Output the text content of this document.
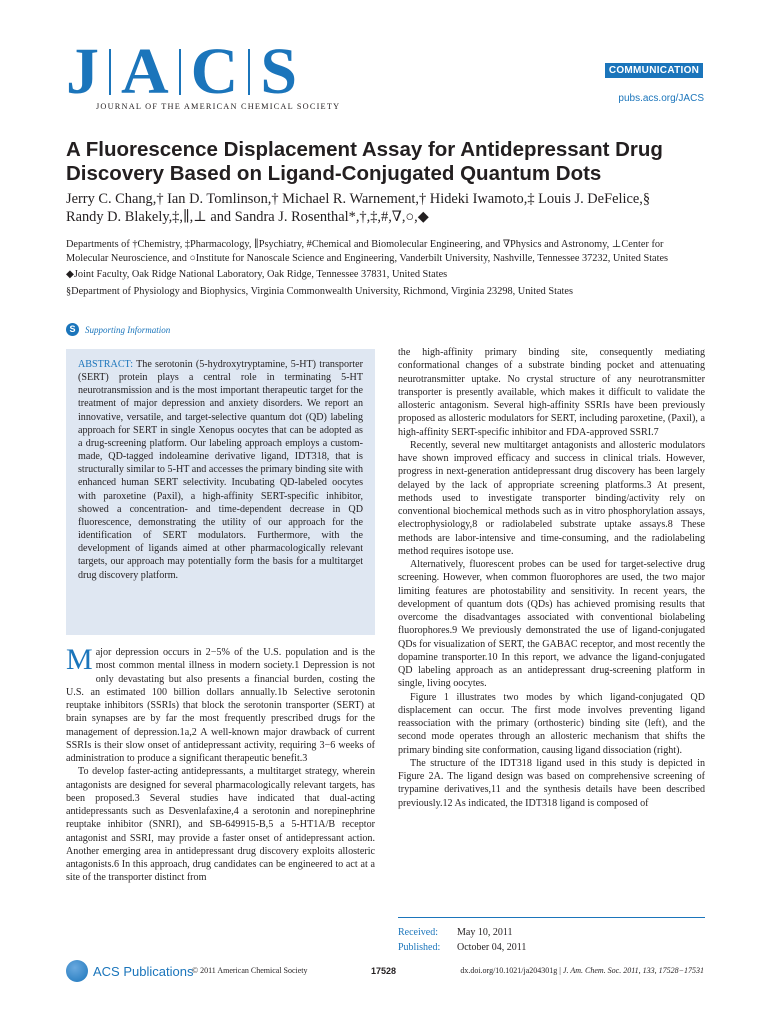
J A C S
JOURNAL OF THE AMERICAN CHEMICAL SOCIETY
COMMUNICATION
pubs.acs.org/JACS
A Fluorescence Displacement Assay for Antidepressant Drug Discovery Based on Ligand-Conjugated Quantum Dots
Jerry C. Chang,† Ian D. Tomlinson,† Michael R. Warnement,† Hideki Iwamoto,‡ Louis J. DeFelice,§
Randy D. Blakely,‡,∥,⊥ and Sandra J. Rosenthal*,†,‡,#,∇,○,◆

Departments of †Chemistry, ‡Pharmacology, ∥Psychiatry, #Chemical and Biomolecular Engineering, and ∇Physics and Astronomy, ⊥Center for Molecular Neuroscience, and ○Institute for Nanoscale Science and Engineering, Vanderbilt University, Nashville, Tennessee 37232, United States

◆Joint Faculty, Oak Ridge National Laboratory, Oak Ridge, Tennessee 37831, United States

§Department of Physiology and Biophysics, Virginia Commonwealth University, Richmond, Virginia 23298, United States

S	Supporting Information

ABSTRACT: The serotonin (5-hydroxytryptamine, 5-HT) transporter (SERT) protein plays a central role in terminating 5-HT neurotransmission and is the most important therapeutic target for the treatment of major depression and anxiety disorders. We report an innovative, versatile, and target-selective quantum dot (QD) labeling approach for SERT in single Xenopus oocytes that can be adopted as a drug-screening platform. Our labeling approach employs a custom-made, QD-tagged indoleamine derivative ligand, IDT318, that is structurally similar to 5-HT and accesses the primary binding site with enhanced human SERT selectivity. Incubating QD-labeled oocytes with paroxetine (Paxil), a high-affinity SERT-specific inhibitor, showed a concentration- and time-dependent decrease in QD fluorescence, demonstrating the utility of our approach for the identification of SERT modulators. Furthermore, with the development of ligands aimed at other pharmacologically relevant targets, our approach may potentially form the basis for a multitarget drug discovery platform.

Major depression occurs in 2−5% of the U.S. population and is the most common mental illness in modern society.1 Depression is not only devastating but also presents a financial burden, costing the U.S. an estimated 100 billion dollars annually.1b Selective serotonin reuptake inhibitors (SSRIs) that block the serotonin transporter (SERT) at brain synapses are by far the most frequently prescribed drugs for the management of depression.1a,2 A well-known major drawback of current SSRIs is their slow onset of antidepressant activity, requiring 3−6 weeks of administration to produce a significant therapeutic benefit.3

To develop faster-acting antidepressants, a multitarget strategy, wherein antagonists are designed for several pharmacologically relevant targets, has been proposed.3 Several studies have indicated that dual-acting antidepressants such as Desvenlafaxine,4 a serotonin and norepinephrine reuptake inhibitor (SNRI), and SB-649915-B,5 a 5-HT1A/B receptor antagonist and SSRI, may provide a faster onset of antidepressant action. Another emerging area in antidepressant drug discovery exploits allosteric antagonists.6 In this approach, drug candidates can be engineered to act at a site of the transporter distinct from

the high-affinity primary binding site, consequently mediating conformational changes of a substrate binding pocket and attenuating neurotransmitter uptake. No crystal structure of any neurotransmitter transporter is presently available, which makes it difficult to validate the allosteric antagonism. Several high-affinity SSRIs have been previously proposed as allosteric modulators for SERT, including paroxetine, (Paxil), a high-affinity SERT-specific inhibitor and FDA-approved SSRI.7

Recently, several new multitarget antagonists and allosteric modulators have shown improved efficacy and success in clinical trials. However, progress in next-generation antidepressant drug discovery has been largely delayed by the lack of appropriate screening platforms.3 At present, methods used to investigate transporter binding/activity rely on conventional biochemical methods such as in vitro phosphorylation assays, electrophysiology,8 or radiolabeled substrate uptake assays.8 These methods are labor-intensive and time-consuming, and the radiolabeling method requires isotope use.

Alternatively, fluorescent probes can be used for target-selective drug screening. However, when common fluorophores are used, the two major limiting features are photostability and sensitivity. In recent years, the development of quantum dots (QDs) has achieved promising results that overcome the disadvantages associated with conventional biolabeling fluorophores.9 We previously demonstrated the use of ligand-conjugated QDs for visualization of SERT, the GABAC receptor, and most recently the dopamine transporter.10 In this report, we advance the ligand-conjugated QD labeling approach as an antidepressant drug-screening platform in single, living oocytes.

Figure 1 illustrates two modes by which ligand-conjugated QD displacement can occur. The first mode involves preventing ligand reassociation with the primary (orthosteric) binding site (left), and the second mode operates through an allosteric mechanism that shifts the primary binding site conformation, causing ligand dissociation (right).

The structure of the IDT318 ligand used in this study is depicted in Figure 2A. The ligand design was based on comprehensive screening of trypamine derivatives,11 and the synthesis details have been described previously.12 As indicated, the IDT318 ligand is composed of

Received: May 10, 2011
Published: October 04, 2011
ACS Publications
© 2011 American Chemical Society	17528	dx.doi.org/10.1021/ja204301g | J. Am. Chem. Soc. 2011, 133, 17528−17531
